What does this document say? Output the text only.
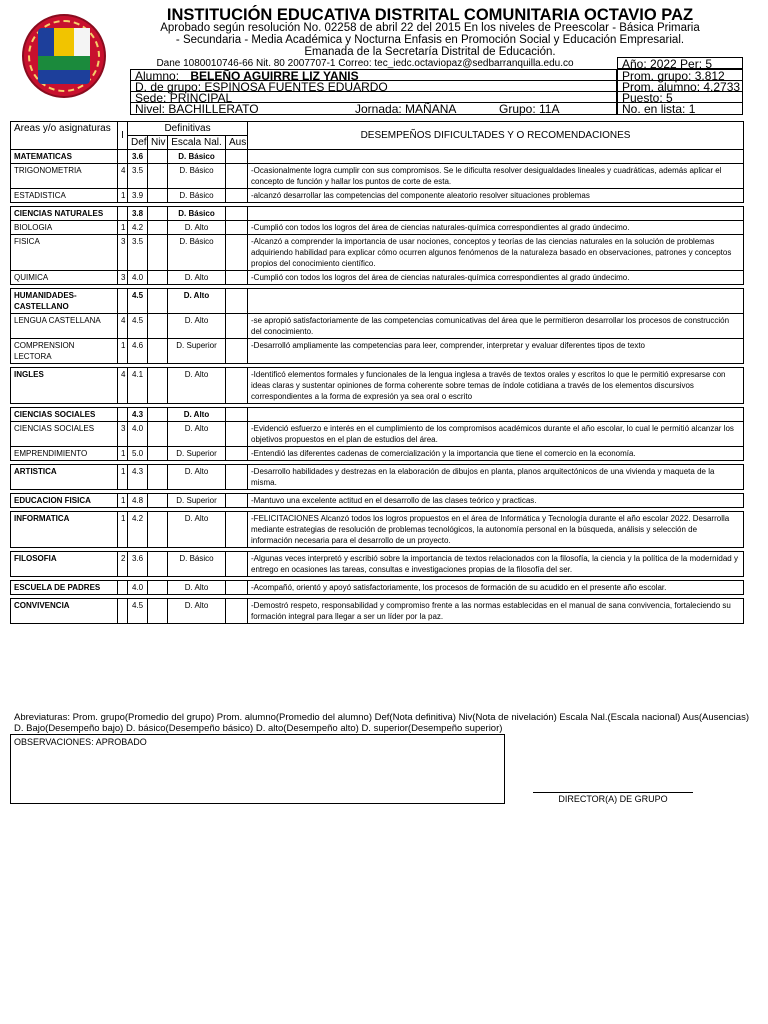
INSTITUCIÓN EDUCATIVA DISTRITAL COMUNITARIA OCTAVIO PAZ
Aprobado según resolución No. 02258 de abril 22 del 2015 En los niveles de Preescolar - Básica Primaria
- Secundaria - Media Académica y Nocturna Enfasis en Promoción Social y Educación Empresarial.
Emanada de la Secretaría Distrital de Educación.
Dane 1080010746-66 Nit. 80 2007707-1 Correo: tec_iedc.octaviopaz@sedbarranquilla.edu.co
Alumno: BELEÑO AGUIRRE LIZ YANIS
D. de grupo: ESPINOSA FUENTES EDUARDO
Sede: PRINCIPAL
Nivel: BACHILLERATO	Jornada: MAÑANA	Grupo: 11A
Año: 2022 Per: 5
Prom. grupo: 3.812
Prom. alumno: 4.2733
Puesto: 5
No. en lista: 1
Areas y/o asignaturas	I	Definitivas				DESEMPEÑOS DIFICULTADES Y O RECOMENDACIONES
		Def	Niv	Escala Nal.	Aus	
MATEMATICAS		3.6		D. Básico		
TRIGONOMETRIA	4	3.5		D. Básico		-Ocasionalmente logra cumplir con sus compromisos. Se le dificulta resolver desigualdades lineales y cuadráticas, además aplicar el concepto de función y hallar los puntos de corte de esta.
ESTADISTICA	1	3.9		D. Básico		-alcanzó desarrollar las competencias del componente aleatorio resolver situaciones problemas

CIENCIAS NATURALES		3.8		D. Básico		
BIOLOGIA	1	4.2		D. Alto		-Cumplió con todos los logros del área de ciencias naturales-química correspondientes al grado úndecimo.
FISICA	3	3.5		D. Básico		-Alcanzó a comprender la importancia de usar nociones, conceptos y teorías de las ciencias naturales en la solución de problemas adquiriendo habilidad para explicar cómo ocurren algunos fenómenos de la naturaleza basado en observaciones, patrones y conceptos propios del conocimiento científico.
QUIMICA	3	4.0		D. Alto		-Cumplió con todos los logros del área de ciencias naturales-química correspondientes al grado úndecimo.

HUMANIDADES-CASTELLANO		4.5		D. Alto		
LENGUA CASTELLANA	4	4.5		D. Alto		-se apropió satisfactoriamente de las competencias comunicativas del área que le permitieron desarrollar los procesos de construcción del conocimiento.
COMPRENSION LECTORA	1	4.6		D. Superior		-Desarrolló ampliamente las competencias para leer, comprender, interpretar y evaluar diferentes tipos de texto

INGLES	4	4.1		D. Alto		-Identificó elementos formales y funcionales de la lengua inglesa a través de textos orales y escritos lo que le permitió expresarse con ideas claras y sustentar opiniones de forma coherente sobre temas de índole cotidiana a través de los elementos discursivos correspondientes a la forma de expresión ya sea oral o escrito

CIENCIAS SOCIALES		4.3		D. Alto		
CIENCIAS SOCIALES	3	4.0		D. Alto		-Evidenció esfuerzo e interés en el cumplimiento de los compromisos académicos durante el año escolar, lo cual le permitió alcanzar los objetivos propuestos en el plan de estudios del área.
EMPRENDIMIENTO	1	5.0		D. Superior		-Entendió las diferentes cadenas de comercialización y la importancia que tiene el comercio en la economía.

ARTISTICA	1	4.3		D. Alto		-Desarrollo habilidades y destrezas en la elaboración de dibujos en planta, planos arquitectónicos de una vivienda y maqueta de la misma.

EDUCACION FISICA	1	4.8		D. Superior		-Mantuvo una excelente actitud en el desarrollo de las clases teórico y practicas.

INFORMATICA	1	4.2		D. Alto		-FELICITACIONES Alcanzó todos los logros propuestos en el área de Informática y Tecnología durante el año escolar 2022. Desarrolla mediante estrategias de resolución de problemas tecnológicos, la autonomía personal en la búsqueda, análisis y selección de información necesaria para el desarrollo de un proyecto.

FILOSOFIA	2	3.6		D. Básico		-Algunas veces interpretó y escribió sobre la importancia de textos relacionados con la filosofía, la ciencia y la política de la modernidad y entrego en ocasiones las tareas, consultas e investigaciones propias de la filosofía del ser.

ESCUELA DE PADRES		4.0		D. Alto		-Acompañó, orientó y apoyó satisfactoriamente, los procesos de formación de su acudido en el presente año escolar.

CONVIVENCIA		4.5		D. Alto		-Demostró respeto, responsabilidad y compromiso frente a las normas establecidas en el manual de sana convivencia, fortaleciendo su formación integral para llegar a ser un líder por la paz.
Abreviaturas: Prom. grupo(Promedio del grupo) Prom. alumno(Promedio del alumno) Def(Nota definitiva) Niv(Nota de nivelación) Escala Nal.(Escala nacional) Aus(Ausencias)
D. Bajo(Desempeño bajo) D. básico(Desempeño básico) D. alto(Desempeño alto) D. superior(Desempeño superior)
OBSERVACIONES: APROBADO
DIRECTOR(A) DE GRUPO
